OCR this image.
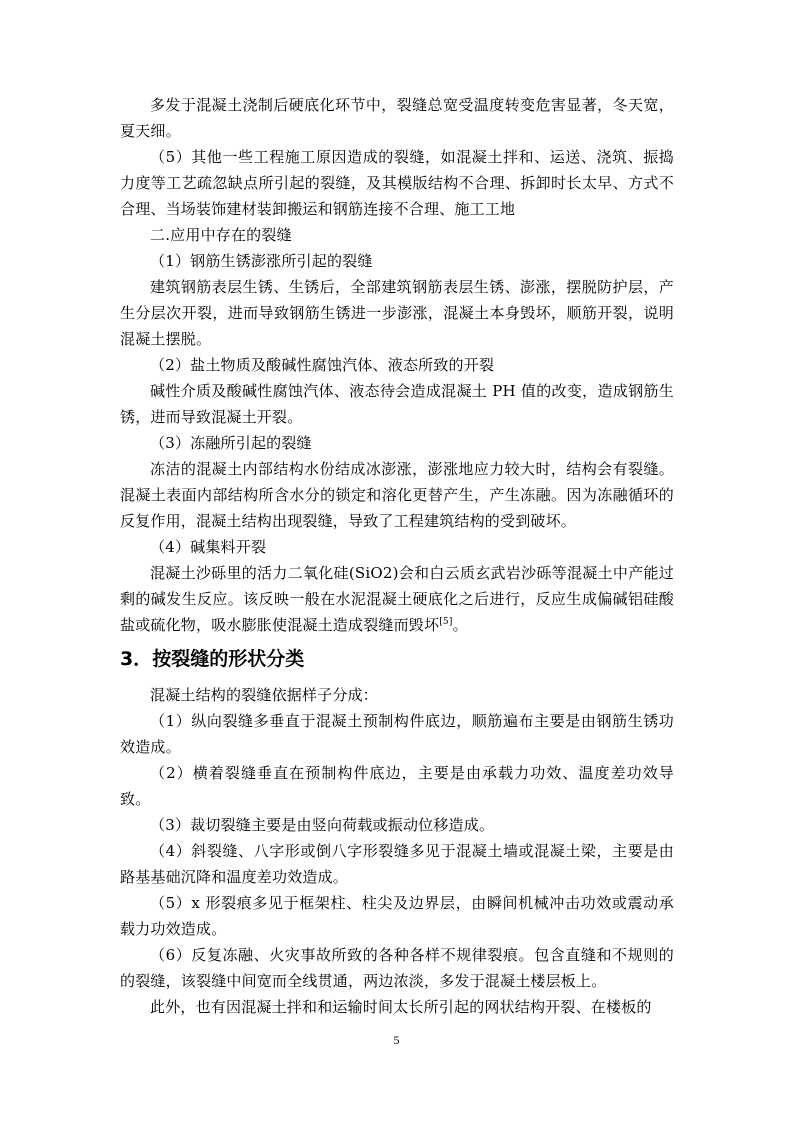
多发于混凝土浇制后硬底化环节中，裂缝总宽受温度转变危害显著，冬天宽，夏天细。

（5）其他一些工程施工原因造成的裂缝，如混凝土拌和、运送、浇筑、振捣力度等工艺疏忽缺点所引起的裂缝，及其模版结构不合理、拆卸时长太早、方式不合理、当场装饰建材装卸搬运和钢筋连接不合理、施工工地

二.应用中存在的裂缝

（1）钢筋生锈澎涨所引起的裂缝

建筑钢筋表层生锈、生锈后，全部建筑钢筋表层生锈、澎涨，摆脱防护层，产生分层次开裂，进而导致钢筋生锈进一步澎涨，混凝土本身毁坏，顺筋开裂，说明混凝土摆脱。

（2）盐土物质及酸碱性腐蚀汽体、液态所致的开裂

碱性介质及酸碱性腐蚀汽体、液态待会造成混凝土 PH 值的改变，造成钢筋生锈，进而导致混凝土开裂。

（3）冻融所引起的裂缝

冻洁的混凝土内部结构水份结成冰澎涨，澎涨地应力较大时，结构会有裂缝。混凝土表面内部结构所含水分的锁定和溶化更替产生，产生冻融。因为冻融循环的反复作用，混凝土结构出现裂缝，导致了工程建筑结构的受到破坏。

（4）碱集料开裂

混凝土沙砾里的活力二氧化硅(SiO2)会和白云质玄武岩沙砾等混凝土中产能过剩的碱发生反应。该反映一般在水泥混凝土硬底化之后进行，反应生成偏碱铝硅酸盐或硫化物，吸水膨胀使混凝土造成裂缝而毁坏[5]。

3．按裂缝的形状分类

混凝土结构的裂缝依据样子分成：

（1）纵向裂缝多垂直于混凝土预制构件底边，顺筋遍布主要是由钢筋生锈功效造成。

（2）横着裂缝垂直在预制构件底边，主要是由承载力功效、温度差功效导致。

（3）裁切裂缝主要是由竖向荷载或振动位移造成。

（4）斜裂缝、八字形或倒八字形裂缝多见于混凝土墙或混凝土梁，主要是由路基基础沉降和温度差功效造成。

（5）x 形裂痕多见于框架柱、柱尖及边界层，由瞬间机械冲击功效或震动承载力功效造成。

（6）反复冻融、火灾事故所致的各种各样不规律裂痕。包含直缝和不规则的的裂缝，该裂缝中间宽而全线贯通，两边浓淡，多发于混凝土楼层板上。

此外，也有因混凝土拌和和运输时间太长所引起的网状结构开裂、在楼板的

5
